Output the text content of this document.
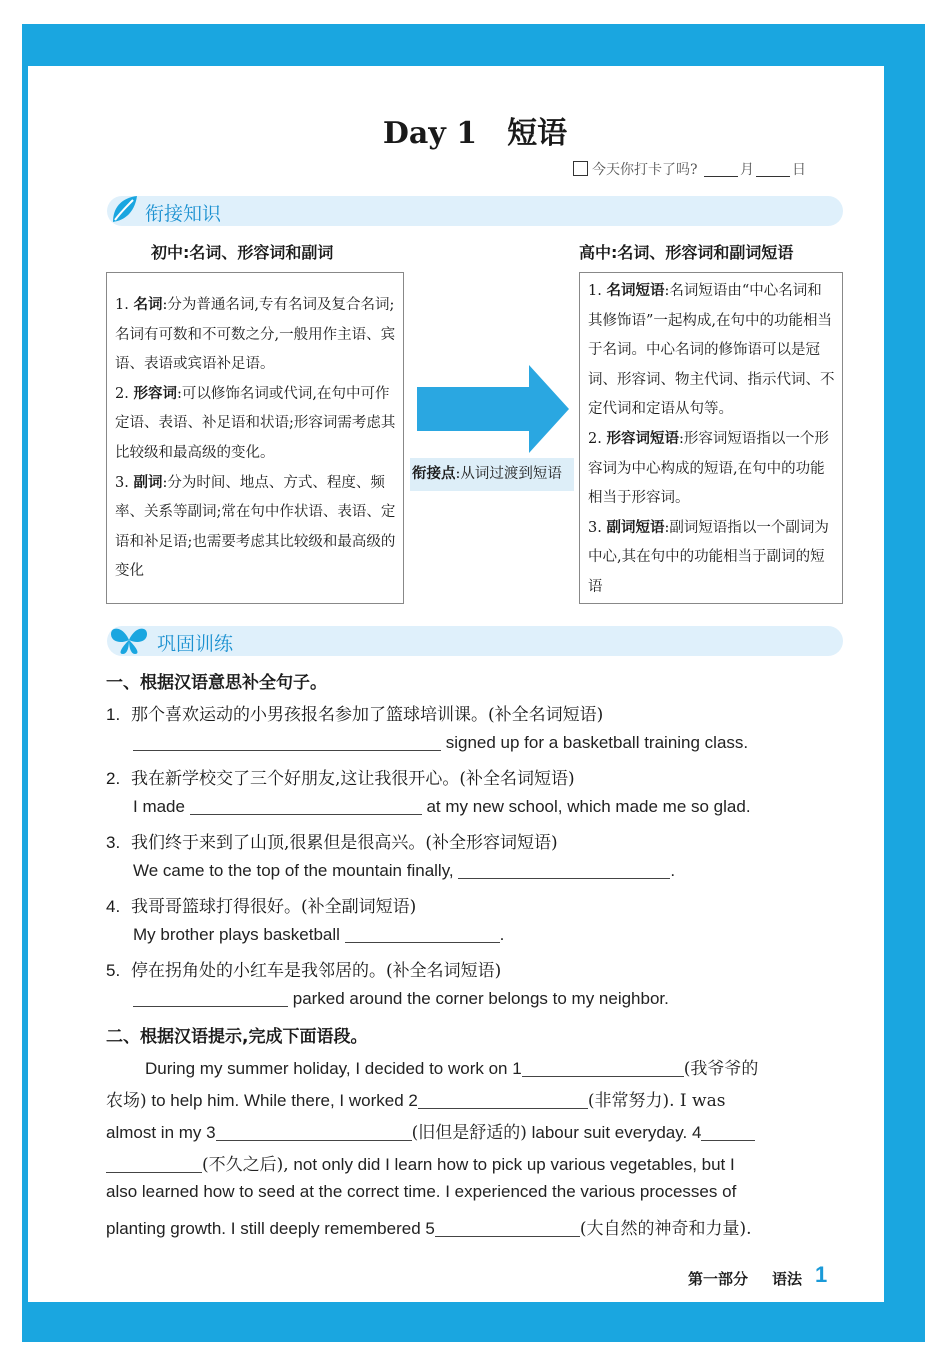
Day 1 短语
今天你打卡了吗?	月	日
衔接知识
初中:名词、形容词和副词	高中:名词、形容词和副词短语
1. 名词:分为普通名词,专有名词及复合名词;名词有可数和不可数之分,一般用作主语、宾语、表语或宾语补足语。
2. 形容词:可以修饰名词或代词,在句中可作定语、表语、补足语和状语;形容词需考虑其比较级和最高级的变化。
3. 副词:分为时间、地点、方式、程度、频率、关系等副词;常在句中作状语、表语、定语和补足语;也需要考虑其比较级和最高级的变化
衔接点:从词过渡到短语
1. 名词短语:名词短语由“中心名词和其修饰语”一起构成,在句中的功能相当于名词。中心名词的修饰语可以是冠词、形容词、物主代词、指示代词、不定代词和定语从句等。
2. 形容词短语:形容词短语指以一个形容词为中心构成的短语,在句中的功能相当于形容词。
3. 副词短语:副词短语指以一个副词为中心,其在句中的功能相当于副词的短语
巩固训练
一、根据汉语意思补全句子。
1. 那个喜欢运动的小男孩报名参加了篮球培训课。(补全名词短语)
signed up for a basketball training class.
2. 我在新学校交了三个好朋友,这让我很开心。(补全名词短语)
I made	at my new school, which made me so glad.
3. 我们终于来到了山顶,很累但是很高兴。(补全形容词短语)
We came to the top of the mountain finally,	.
4. 我哥哥篮球打得很好。(补全副词短语)
My brother plays basketball	.
5. 停在拐角处的小红车是我邻居的。(补全名词短语)
parked around the corner belongs to my neighbor.
二、根据汉语提示,完成下面语段。
During my summer holiday, I decided to work on 1	(我爷爷的
农场) to help him. While there, I worked 2	(非常努力). I was
almost in my 3	(旧但是舒适的) labour suit everyday. 4
(不久之后), not only did I learn how to pick up various vegetables, but I
also learned how to seed at the correct time. I experienced the various processes of
planting growth. I still deeply remembered 5	(大自然的神奇和力量).
第一部分 语法 1
